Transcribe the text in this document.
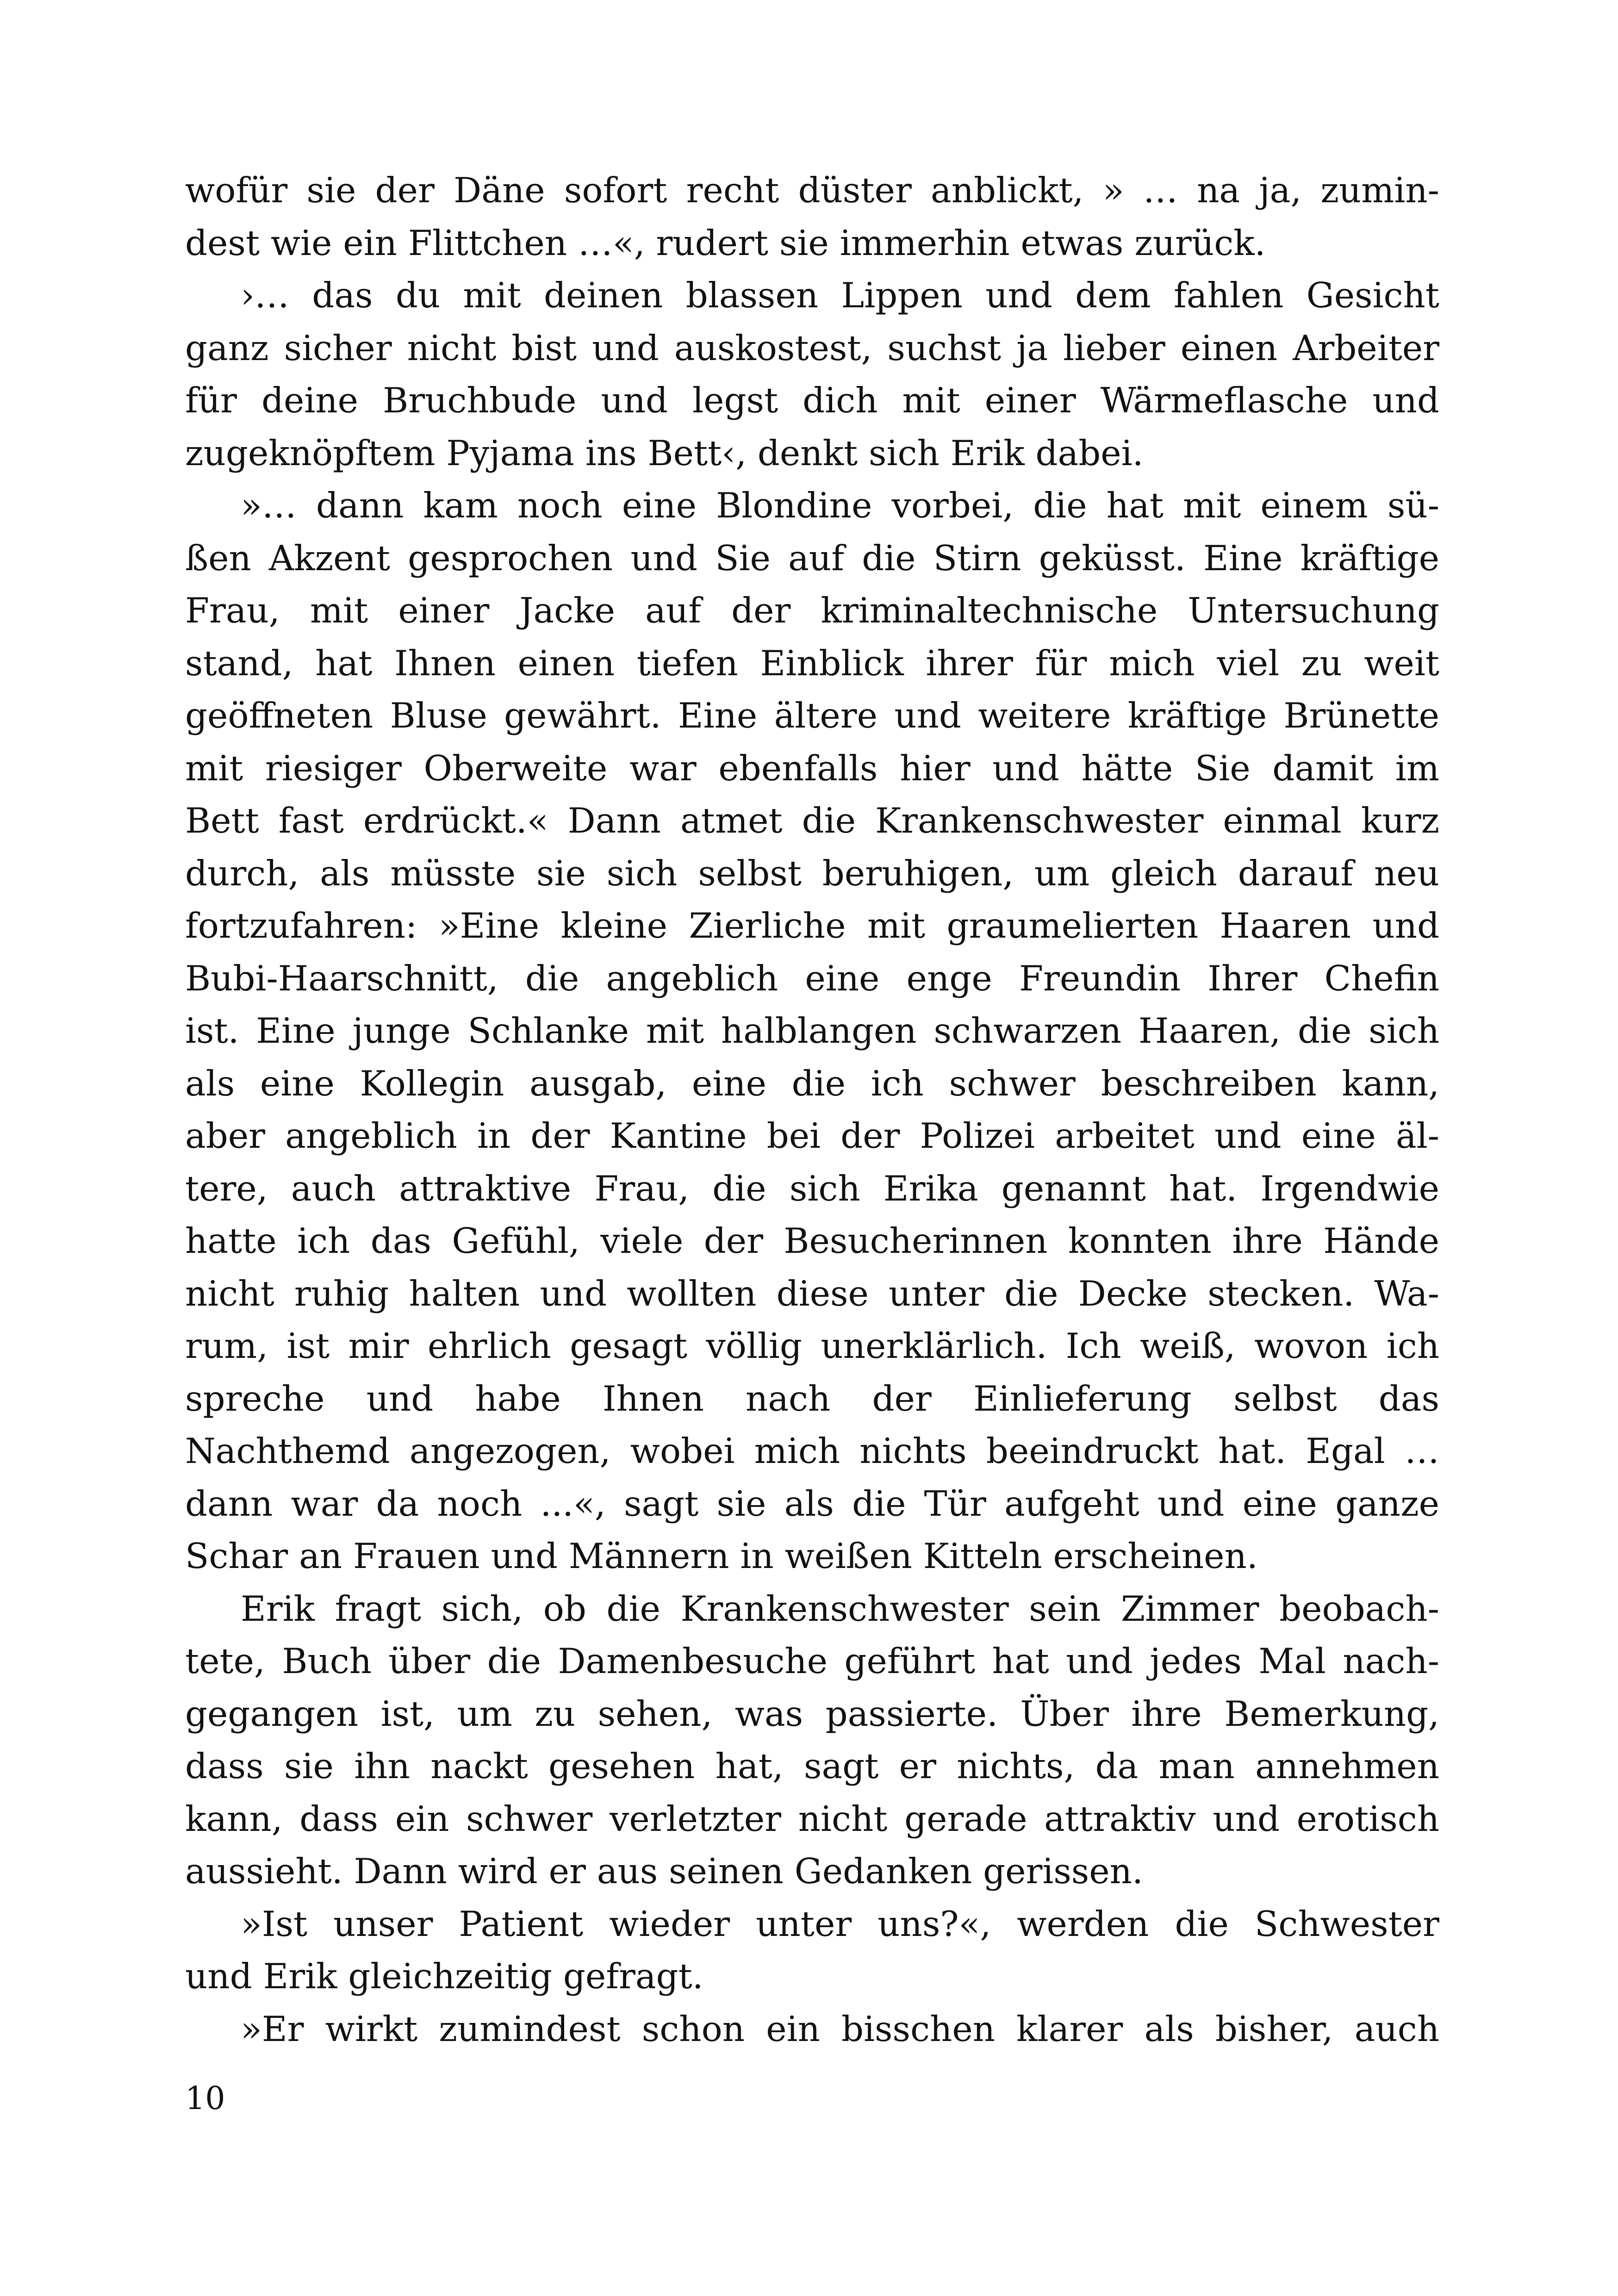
wofür sie der Däne sofort recht düster anblickt, » … na ja, zumin-
dest wie ein Flittchen …«, rudert sie immerhin etwas zurück.
›… das du mit deinen blassen Lippen und dem fahlen Gesicht
ganz sicher nicht bist und auskostest, suchst ja lieber einen Arbeiter
für deine Bruchbude und legst dich mit einer Wärmeflasche und
zugeknöpftem Pyjama ins Bett‹, denkt sich Erik dabei.
»… dann kam noch eine Blondine vorbei, die hat mit einem sü-
ßen Akzent gesprochen und Sie auf die Stirn geküsst. Eine kräftige
Frau, mit einer Jacke auf der kriminaltechnische Untersuchung
stand, hat Ihnen einen tiefen Einblick ihrer für mich viel zu weit
geöffneten Bluse gewährt. Eine ältere und weitere kräftige Brünette
mit riesiger Oberweite war ebenfalls hier und hätte Sie damit im
Bett fast erdrückt.« Dann atmet die Krankenschwester einmal kurz
durch, als müsste sie sich selbst beruhigen, um gleich darauf neu
fortzufahren: »Eine kleine Zierliche mit graumelierten Haaren und
Bubi-Haarschnitt, die angeblich eine enge Freundin Ihrer Chefin
ist. Eine junge Schlanke mit halblangen schwarzen Haaren, die sich
als eine Kollegin ausgab, eine die ich schwer beschreiben kann,
aber angeblich in der Kantine bei der Polizei arbeitet und eine äl-
tere, auch attraktive Frau, die sich Erika genannt hat. Irgendwie
hatte ich das Gefühl, viele der Besucherinnen konnten ihre Hände
nicht ruhig halten und wollten diese unter die Decke stecken. Wa-
rum, ist mir ehrlich gesagt völlig unerklärlich. Ich weiß, wovon ich
spreche und habe Ihnen nach der Einlieferung selbst das
Nachthemd angezogen, wobei mich nichts beeindruckt hat. Egal …
dann war da noch ...«, sagt sie als die Tür aufgeht und eine ganze
Schar an Frauen und Männern in weißen Kitteln erscheinen.
Erik fragt sich, ob die Krankenschwester sein Zimmer beobach-
tete, Buch über die Damenbesuche geführt hat und jedes Mal nach-
gegangen ist, um zu sehen, was passierte. Über ihre Bemerkung,
dass sie ihn nackt gesehen hat, sagt er nichts, da man annehmen
kann, dass ein schwer verletzter nicht gerade attraktiv und erotisch
aussieht. Dann wird er aus seinen Gedanken gerissen.
»Ist unser Patient wieder unter uns?«, werden die Schwester
und Erik gleichzeitig gefragt.
»Er wirkt zumindest schon ein bisschen klarer als bisher, auch
10
